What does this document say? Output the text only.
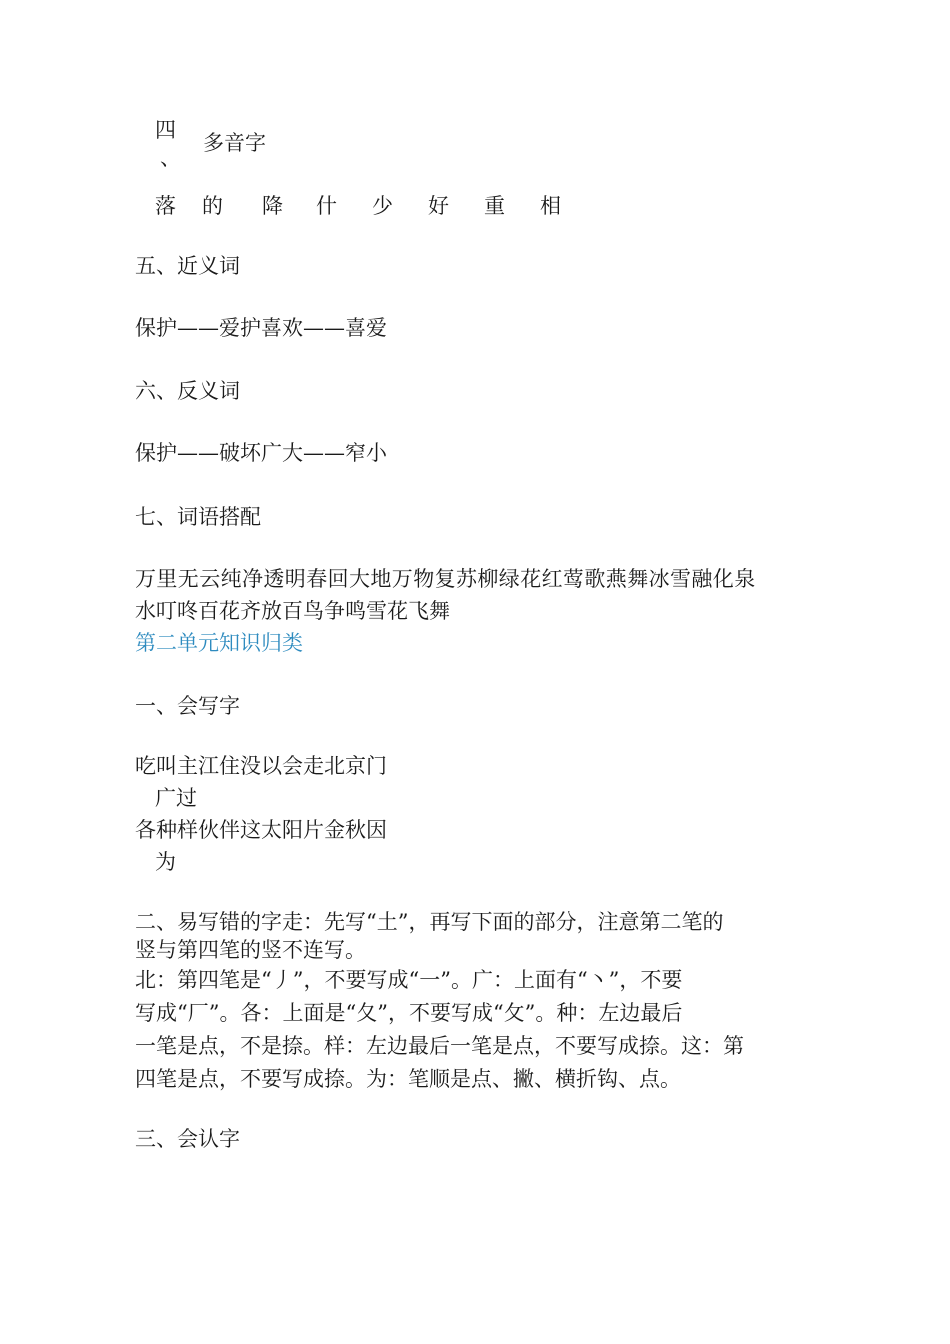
四
、
多音字
落 的 降 什 少 好 重 相
五、近义词
保护——爱护喜欢——喜爱
六、反义词
保护——破坏广大——窄小
七、词语搭配
万里无云纯净透明春回大地万物复苏柳绿花红莺歌燕舞冰雪融化泉
水叮咚百花齐放百鸟争鸣雪花飞舞
第二单元知识归类
一、会写字
吃叫主江住没以会走北京门
广过
各种样伙伴这太阳片金秋因
为
二、易写错的字走：先写“土”，再写下面的部分，注意第二笔的
竖与第四笔的竖不连写。
北：第四笔是“丿”，不要写成“一”。广：上面有“丶”，不要
写成“厂”。各：上面是“夂”，不要写成“攵”。种：左边最后
一笔是点，不是捺。样：左边最后一笔是点，不要写成捺。这：第
四笔是点，不要写成捺。为：笔顺是点、撇、横折钩、点。
三、会认字
